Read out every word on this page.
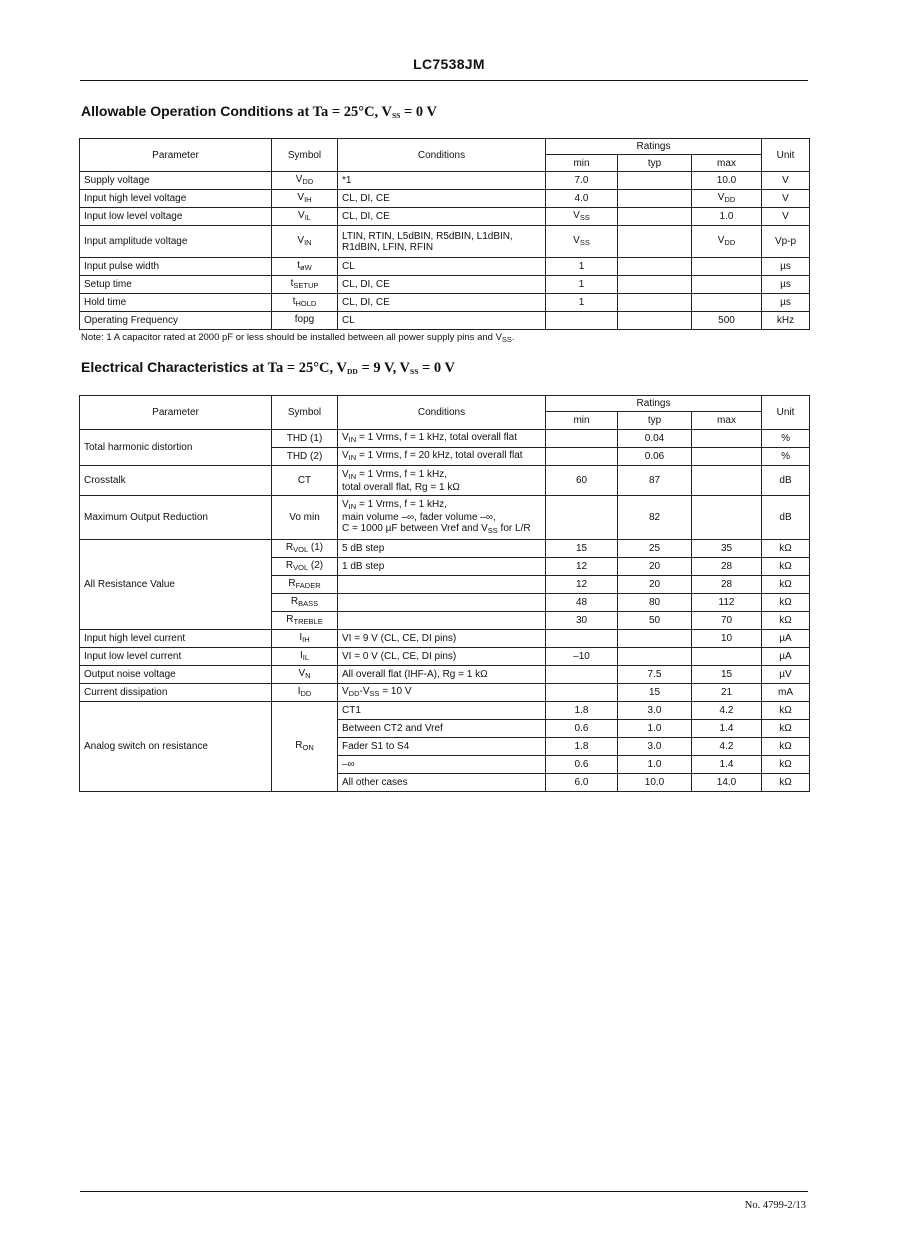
LC7538JM
Allowable Operation Conditions at Ta = 25°C, $V_{SS} = 0$ V
Parameter	Symbol	Conditions	Ratings			Unit
			min	typ	max	
Supply voltage	$V_{DD}$	*1	7.0		10.0	V
Input high level voltage	$V_{IH}$	CL, DI, CE	4.0		$V_{DD}$	V
Input low level voltage	$V_{IL}$	CL, DI, CE	$V_{SS}$		1.0	V
Input amplitude voltage	$V_{IN}$	LTIN, RTIN, L5dBIN, R5dBIN, L1dBIN,
R1dBIN, LFIN, RFIN	$V_{SS}$		$V_{DD}$	Vp-p
Input pulse width	$t_{øW}$	CL	1			µs
Setup time	$t_{SETUP}$	CL, DI, CE	1			µs
Hold time	$t_{HOLD}$	CL, DI, CE	1			µs
Operating Frequency	fopg	CL			500	kHz
Note: 1 A capacitor rated at 2000 pF or less should be installed between all power supply pins and $V_{SS}$.
Electrical Characteristics at Ta = 25°C, $V_{DD} = 9$ V, $V_{SS} = 0$ V
Parameter	Symbol	Conditions	Ratings			Unit
			min	typ	max	
Total harmonic distortion	THD (1)	$V_{IN} = 1$ Vrms, f = 1 kHz, total overall flat		0.04		%
	THD (2)	$V_{IN} = 1$ Vrms, f = 20 kHz, total overall flat		0.06		%
Crosstalk	CT	$V_{IN} = 1$ Vrms, f = 1 kHz,
total overall flat, Rg = 1 kΩ	60	87		dB
Maximum Output Reduction	Vo min	$V_{IN} = 1$ Vrms, f = 1 kHz,
main volume –∞, fader volume –∞,
C = 1000 µF between Vref and $V_{SS}$ for L/R		82		dB
All Resistance Value	$R_{VOL}$ (1)	5 dB step	15	25	35	kΩ
	$R_{VOL}$ (2)	1 dB step	12	20	28	kΩ
	$R_{FADER}$		12	20	28	kΩ
	$R_{BASS}$		48	80	112	kΩ
	$R_{TREBLE}$		30	50	70	kΩ
Input high level current	$I_{IH}$	VI = 9 V (CL, CE, DI pins)			10	µA
Input low level current	$I_{IL}$	VI = 0 V (CL, CE, DI pins)	–10			µA
Output noise voltage	$V_N$	All overall flat (IHF-A), Rg = 1 kΩ		7.5	15	µV
Current dissipation	$I_{DD}$	$V_{DD}-V_{SS} = 10$ V		15	21	mA
Analog switch on resistance	$R_{ON}$	CT1	1.8	3.0	4.2	kΩ
		Between CT2 and Vref	0.6	1.0	1.4	kΩ
		Fader S1 to S4	1.8	3.0	4.2	kΩ
		–∞	0.6	1.0	1.4	kΩ
		All other cases	6.0	10.0	14.0	kΩ
No. 4799-2/13
